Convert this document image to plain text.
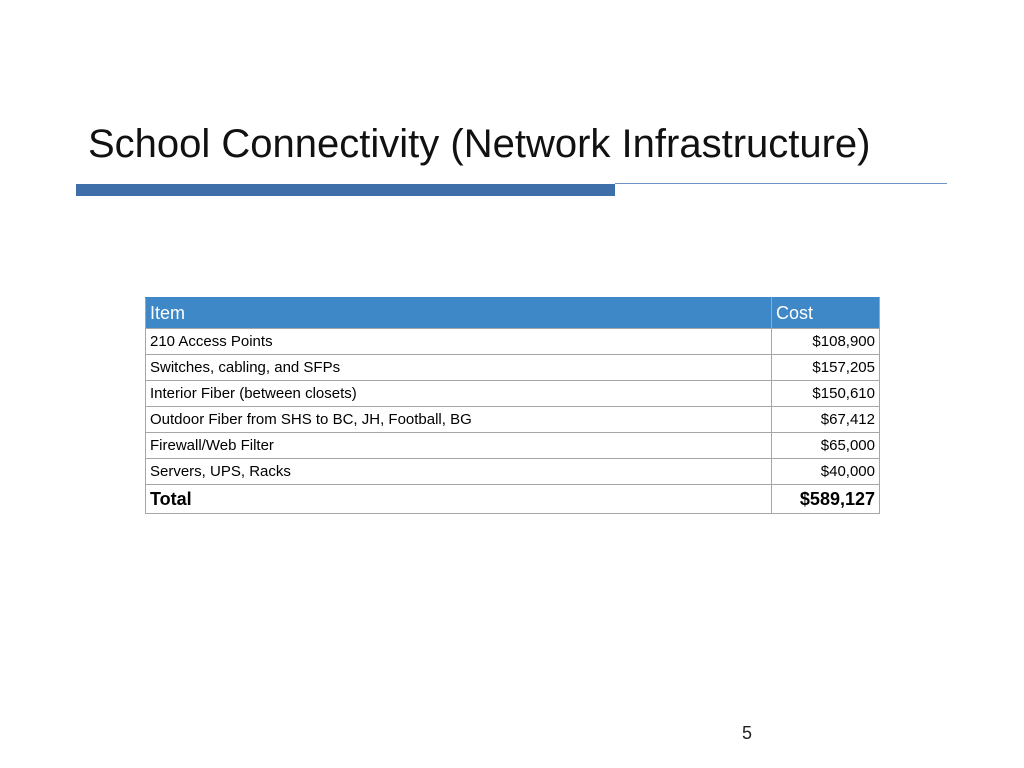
School Connectivity (Network Infrastructure)
Item	Cost
210 Access Points	$108,900
Switches, cabling, and SFPs	$157,205
Interior Fiber (between closets)	$150,610
Outdoor Fiber from SHS to BC, JH, Football, BG	$67,412
Firewall/Web Filter	$65,000
Servers, UPS, Racks	$40,000
Total	$589,127
5
